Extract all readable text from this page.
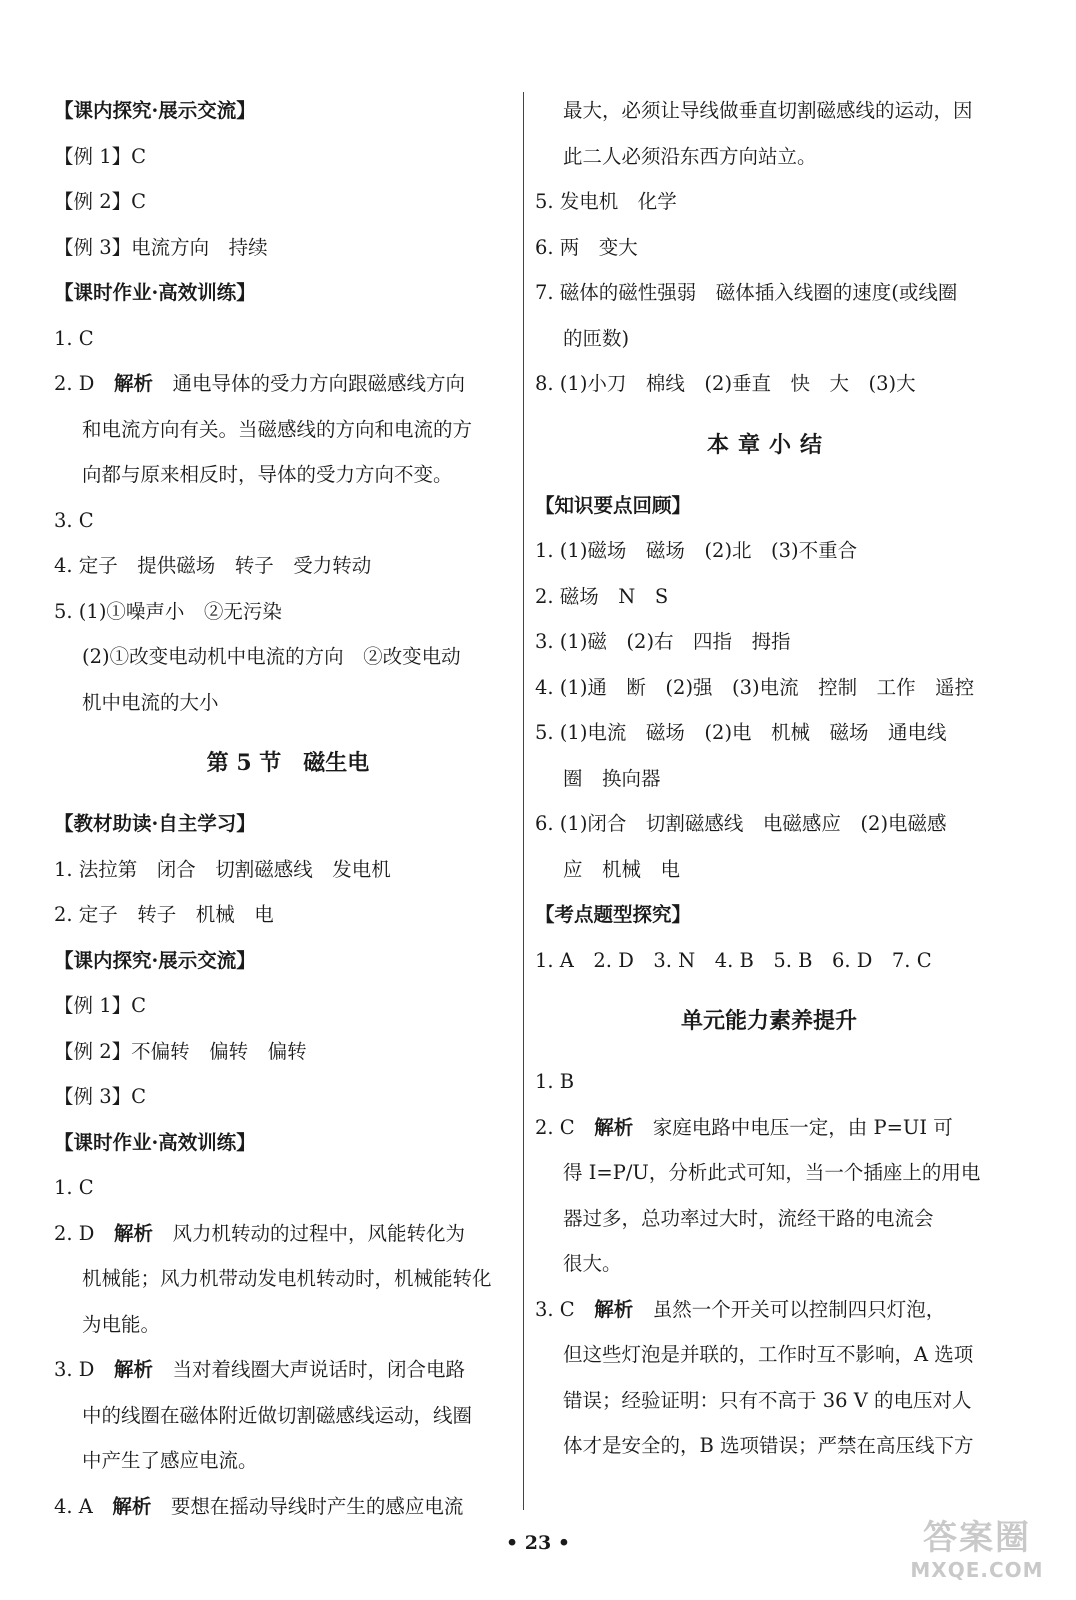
【课内探究·展示交流】
【例 1】C
【例 2】C
【例 3】电流方向　持续
【课时作业·高效训练】
1. C
2. D　解析　通电导体的受力方向跟磁感线方向
和电流方向有关。当磁感线的方向和电流的方
向都与原来相反时，导体的受力方向不变。
3. C
4. 定子　提供磁场　转子　受力转动
5. (1)①噪声小　②无污染
(2)①改变电动机中电流的方向　②改变电动
机中电流的大小
第 5 节　磁生电
【教材助读·自主学习】
1. 法拉第　闭合　切割磁感线　发电机
2. 定子　转子　机械　电
【课内探究·展示交流】
【例 1】C
【例 2】不偏转　偏转　偏转
【例 3】C
【课时作业·高效训练】
1. C
2. D　解析　风力机转动的过程中，风能转化为
机械能；风力机带动发电机转动时，机械能转化
为电能。
3. D　解析　当对着线圈大声说话时，闭合电路
中的线圈在磁体附近做切割磁感线运动，线圈
中产生了感应电流。
4. A　解析　要想在摇动导线时产生的感应电流
最大，必须让导线做垂直切割磁感线的运动，因
此二人必须沿东西方向站立。
5. 发电机　化学
6. 两　变大
7. 磁体的磁性强弱　磁体插入线圈的速度(或线圈
的匝数)
8. (1)小刀　棉线　(2)垂直　快　大　(3)大
本章小结
【知识要点回顾】
1. (1)磁场　磁场　(2)北　(3)不重合
2. 磁场　N　S
3. (1)磁　(2)右　四指　拇指
4. (1)通　断　(2)强　(3)电流　控制　工作　遥控
5. (1)电流　磁场　(2)电　机械　磁场　通电线
圈　换向器
6. (1)闭合　切割磁感线　电磁感应　(2)电磁感
应　机械　电
【考点题型探究】
1. A　2. D　3. N　4. B　5. B　6. D　7. C
单元能力素养提升
1. B
2. C　解析　家庭电路中电压一定，由 P=UI 可
得 I=P/U，分析此式可知，当一个插座上的用电
器过多，总功率过大时，流经干路的电流会
很大。
3. C　解析　虽然一个开关可以控制四只灯泡，
但这些灯泡是并联的，工作时互不影响，A 选项
错误；经验证明：只有不高于 36 V 的电压对人
体才是安全的，B 选项错误；严禁在高压线下方
• 23 •	答案圈
MXQE.COM
